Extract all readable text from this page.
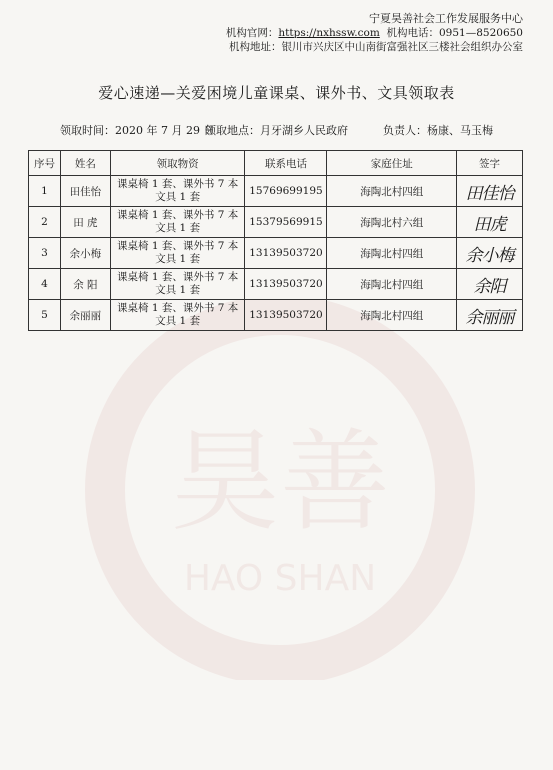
昊善
HAO SHAN
宁夏昊善社会工作发展服务中心
机构官网：https://nxhssw.com 机构电话：0951—8520650
机构地址：银川市兴庆区中山南街富强社区三楼社会组织办公室
爱心速递—关爱困境儿童课桌、课外书、文具领取表
领取时间：2020 年 7 月 29 日领取地点：月牙湖乡人民政府	负责人：杨康、马玉梅
序号	姓名	领取物资	联系电话	家庭住址	签字
1	田佳怡	课桌椅 1 套、课外书 7 本
文具 1 套	15769699195	海陶北村四组	田佳怡
2	田 虎	课桌椅 1 套、课外书 7 本
文具 1 套	15379569915	海陶北村六组	田虎
3	余小梅	课桌椅 1 套、课外书 7 本
文具 1 套	13139503720	海陶北村四组	余小梅
4	余 阳	课桌椅 1 套、课外书 7 本
文具 1 套	13139503720	海陶北村四组	余阳
5	余丽丽	课桌椅 1 套、课外书 7 本
文具 1 套	13139503720	海陶北村四组	余丽丽
